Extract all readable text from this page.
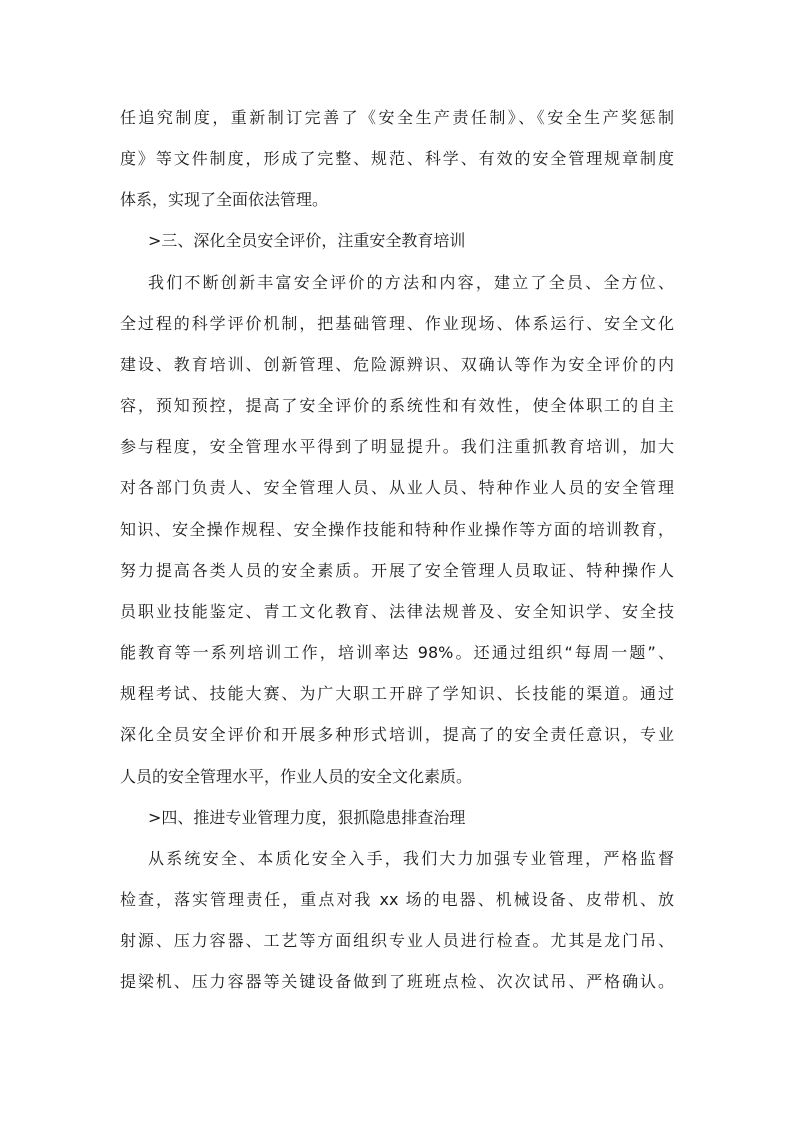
任追究制度，重新制订完善了《安全生产责任制》、《安全生产奖惩制
度》等文件制度，形成了完整、规范、科学、有效的安全管理规章制度
体系，实现了全面依法管理。
>三、深化全员安全评价，注重安全教育培训
我们不断创新丰富安全评价的方法和内容，建立了全员、全方位、
全过程的科学评价机制，把基础管理、作业现场、体系运行、安全文化
建设、教育培训、创新管理、危险源辨识、双确认等作为安全评价的内
容，预知预控，提高了安全评价的系统性和有效性，使全体职工的自主
参与程度，安全管理水平得到了明显提升。我们注重抓教育培训，加大
对各部门负责人、安全管理人员、从业人员、特种作业人员的安全管理
知识、安全操作规程、安全操作技能和特种作业操作等方面的培训教育，
努力提高各类人员的安全素质。开展了安全管理人员取证、特种操作人
员职业技能鉴定、青工文化教育、法律法规普及、安全知识学、安全技
能教育等一系列培训工作，培训率达 98%。还通过组织“每周一题”、
规程考试、技能大赛、为广大职工开辟了学知识、长技能的渠道。通过
深化全员安全评价和开展多种形式培训，提高了的安全责任意识，专业
人员的安全管理水平，作业人员的安全文化素质。
>四、推进专业管理力度，狠抓隐患排查治理
从系统安全、本质化安全入手，我们大力加强专业管理，严格监督
检查，落实管理责任，重点对我 xx 场的电器、机械设备、皮带机、放
射源、压力容器、工艺等方面组织专业人员进行检查。尤其是龙门吊、
提梁机、压力容器等关键设备做到了班班点检、次次试吊、严格确认。
